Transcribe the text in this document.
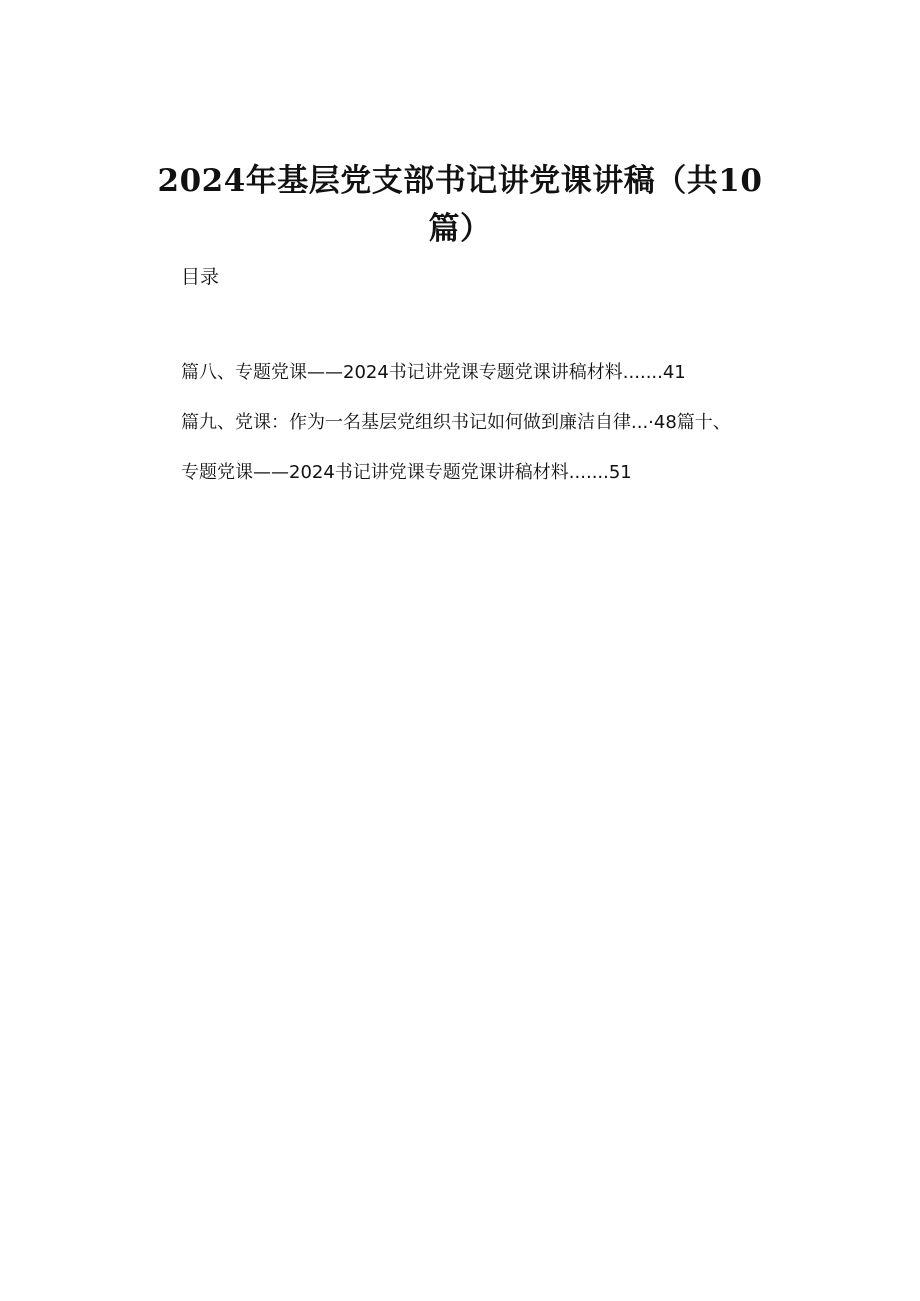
2024年基层党支部书记讲党课讲稿（共10
篇）
目录
篇八、专题党课——2024书记讲党课专题党课讲稿材料.......41
篇九、党课：作为一名基层党组织书记如何做到廉洁自律...·48篇十、
专题党课——2024书记讲党课专题党课讲稿材料.......51
